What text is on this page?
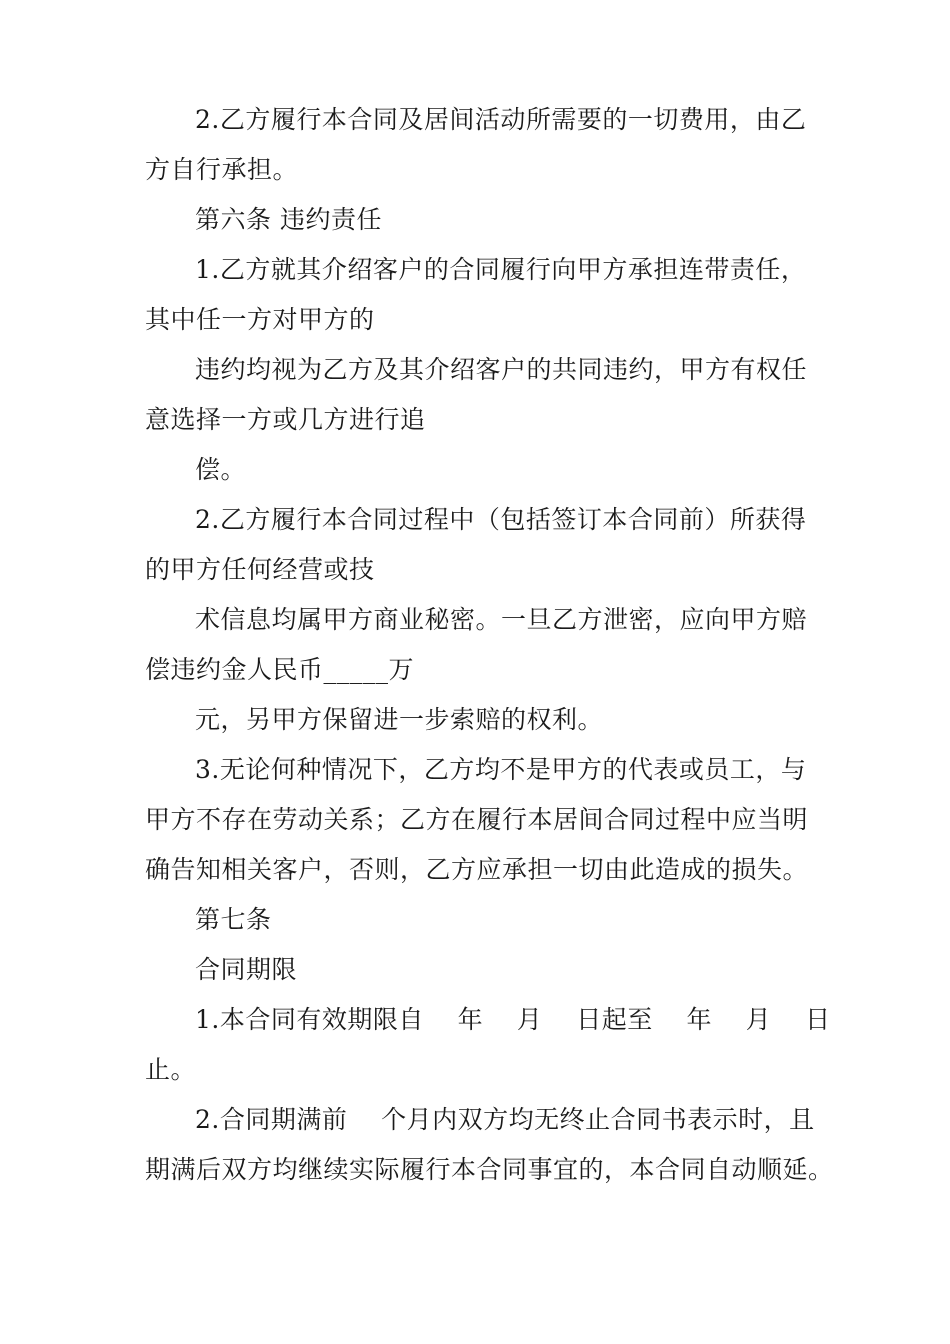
2.乙方履行本合同及居间活动所需要的一切费用，由乙
方自行承担。
第六条 违约责任
1.乙方就其介绍客户的合同履行向甲方承担连带责任，
其中任一方对甲方的
违约均视为乙方及其介绍客户的共同违约，甲方有权任
意选择一方或几方进行追
偿。
2.乙方履行本合同过程中（包括签订本合同前）所获得
的甲方任何经营或技
术信息均属甲方商业秘密。一旦乙方泄密，应向甲方赔
偿违约金人民币_____万
元，另甲方保留进一步索赔的权利。
3.无论何种情况下，乙方均不是甲方的代表或员工，与
甲方不存在劳动关系；乙方在履行本居间合同过程中应当明
确告知相关客户，否则，乙方应承担一切由此造成的损失。
第七条
合同期限
1.本合同有效期限自    年    月    日起至    年    月    日
止。
2.合同期满前    个月内双方均无终止合同书表示时，且
期满后双方均继续实际履行本合同事宜的，本合同自动顺延。
